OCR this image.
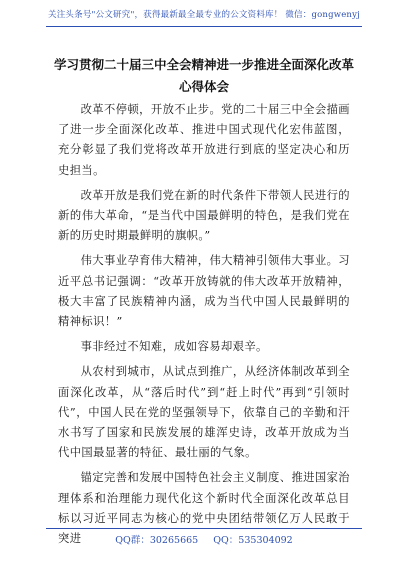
关注头条号"公文研究"，获得最新最全最专业的公文资料库！ 微信：gongwenyj
学习贯彻二十届三中全会精神进一步推进全面深化改革心得体会

改革不停顿，开放不止步。党的二十届三中全会描画了进一步全面深化改革、推进中国式现代化宏伟蓝图，充分彰显了我们党将改革开放进行到底的坚定决心和历史担当。

改革开放是我们党在新的时代条件下带领人民进行的新的伟大革命，“是当代中国最鲜明的特色，是我们党在新的历史时期最鲜明的旗帜。”

伟大事业孕育伟大精神，伟大精神引领伟大事业。习近平总书记强调：“改革开放铸就的伟大改革开放精神，极大丰富了民族精神内涵，成为当代中国人民最鲜明的精神标识！”

事非经过不知难，成如容易却艰辛。

从农村到城市，从试点到推广，从经济体制改革到全面深化改革，从“落后时代”到“赶上时代”再到“引领时代”，中国人民在党的坚强领导下，依靠自己的辛勤和汗水书写了国家和民族发展的雄浑史诗，改革开放成为当代中国最显著的特征、最壮丽的气象。

锚定完善和发展中国特色社会主义制度、推进国家治理体系和治理能力现代化这个新时代全面深化改革总目标以习近平同志为核心的党中央团结带领亿万人民敢于突进	QQ群：30265665 QQ：535304092
